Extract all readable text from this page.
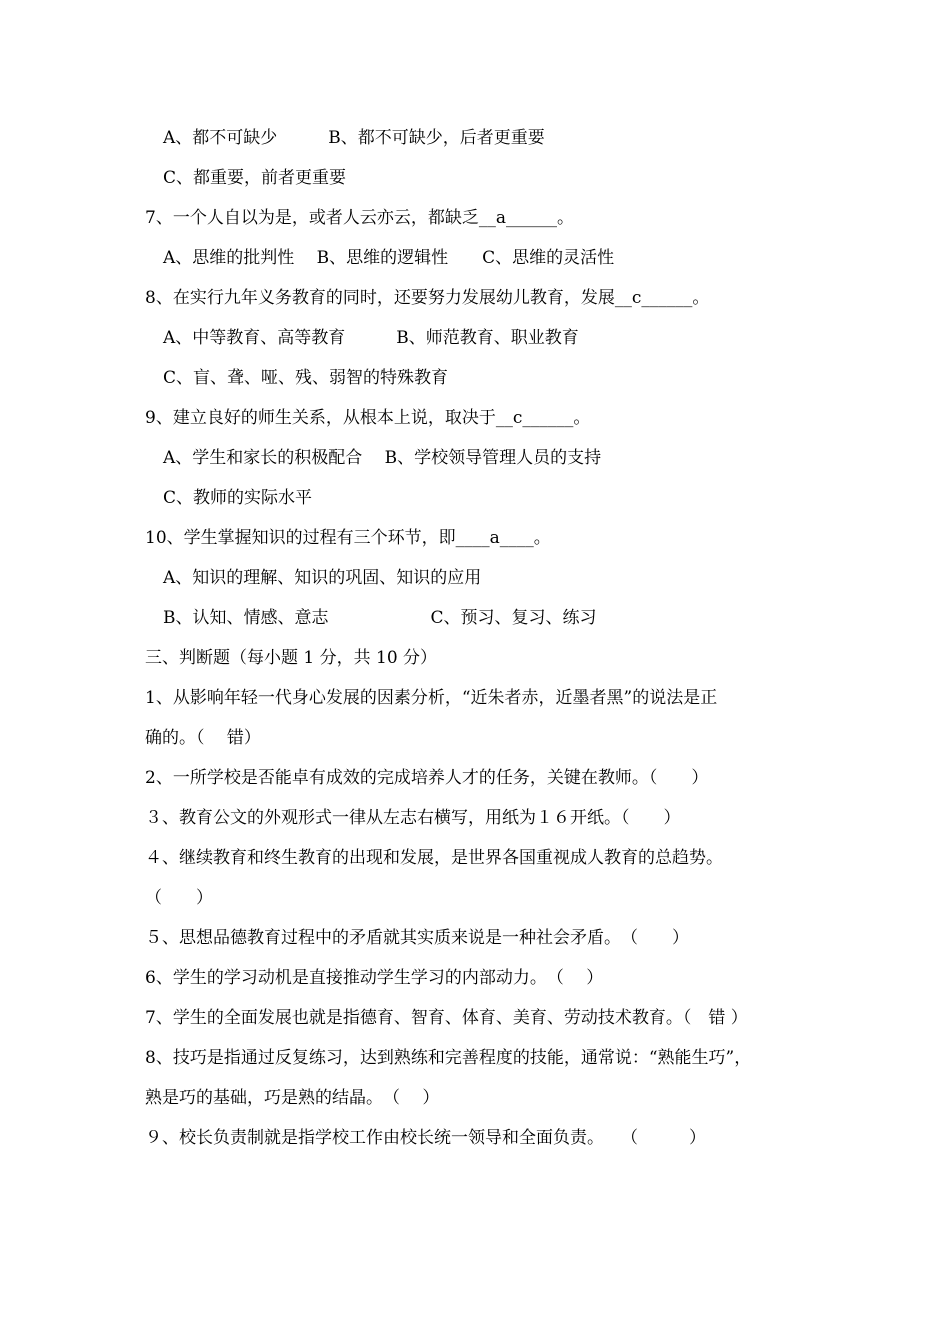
A、都不可缺少　　　B、都不可缺少，后者更重要
C、都重要，前者更重要
7、一个人自以为是，或者人云亦云，都缺乏__a______。
A、思维的批判性　 B、思维的逻辑性　　C、思维的灵活性
8、在实行九年义务教育的同时，还要努力发展幼儿教育，发展__c______。
A、中等教育、高等教育　　　B、师范教育、职业教育
C、盲、聋、哑、残、弱智的特殊教育
9、建立良好的师生关系，从根本上说，取决于__c______。
A、学生和家长的积极配合　 B、学校领导管理人员的支持
C、教师的实际水平
10、学生掌握知识的过程有三个环节，即____a____。
A、知识的理解、知识的巩固、知识的应用
B、认知、情感、意志　　　　　　C、预习、复习、练习
三、判断题（每小题 1 分，共 10 分）
1、从影响年轻一代身心发展的因素分析，“近朱者赤，近墨者黑”的说法是正
确的。（　 错）
2、一所学校是否能卓有成效的完成培养人才的任务，关键在教师。（　　）
３、教育公文的外观形式一律从左志右横写，用纸为１６开纸。（　　）
４、继续教育和终生教育的出现和发展，是世界各国重视成人教育的总趋势。
（　　）
５、思想品德教育过程中的矛盾就其实质来说是一种社会矛盾。　（　　）
6、学生的学习动机是直接推动学生学习的内部动力。　（　 ）
7、学生的全面发展也就是指德育、智育、体育、美育、劳动技术教育。（　错 ）
8、技巧是指通过反复练习，达到熟练和完善程度的技能，通常说：“熟能生巧”，
熟是巧的基础，巧是熟的结晶。　（　 ）
９、校长负责制就是指学校工作由校长统一领导和全面负责。　　（　　　）
